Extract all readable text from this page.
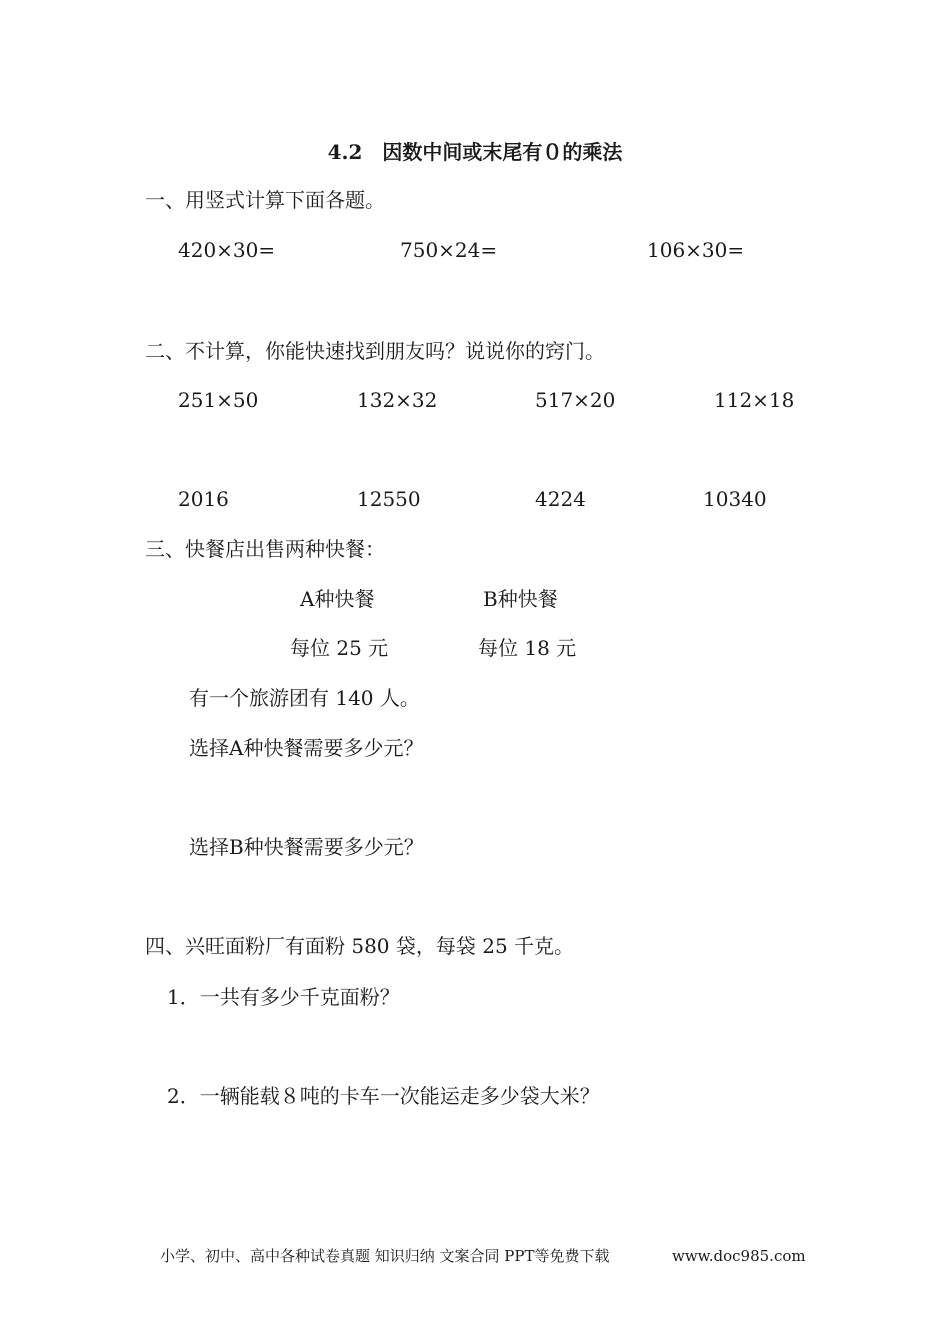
4.2　因数中间或末尾有０的乘法
一、用竖式计算下面各题。
420×30=	750×24=	106×30=
二、不计算，你能快速找到朋友吗？说说你的窍门。
251×50	132×32	517×20	112×18
2016	12550	4224	10340
三、快餐店出售两种快餐：
A种快餐	B种快餐
每位 25 元	每位 18 元
有一个旅游团有 140 人。
选择A种快餐需要多少元？
选择B种快餐需要多少元？
四、兴旺面粉厂有面粉 580 袋，每袋 25 千克。
1．一共有多少千克面粉？
2．一辆能载８吨的卡车一次能运走多少袋大米？
小学、初中、高中各种试卷真题 知识归纳 文案合同 PPT等免费下载	www.doc985.com
